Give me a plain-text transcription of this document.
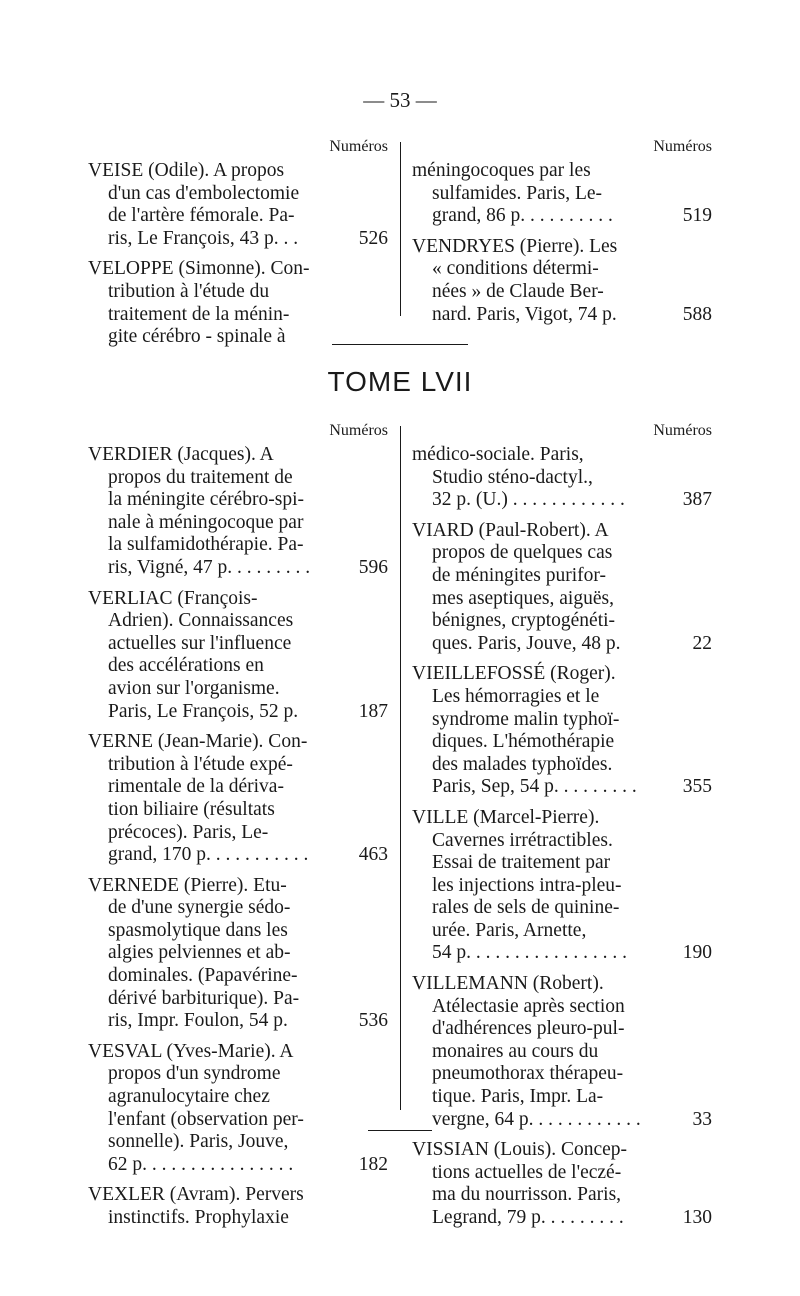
— 53 —
Numéros
VEISE (Odile). A propos
d'un cas d'embolectomie
de l'artère fémorale. Pa-
ris, Le François, 43 p. . .	526
VELOPPE (Simonne). Con-
tribution à l'étude du
traitement de la ménin-
gite cérébro - spinale à
Numéros
méningocoques par les
sulfamides. Paris, Le-
grand, 86 p. . . . . . . . . .	519
VENDRYES (Pierre). Les
« conditions détermi-
nées » de Claude Ber-
nard. Paris, Vigot, 74 p.	588
TOME LVII
Numéros
VERDIER (Jacques). A
propos du traitement de
la méningite cérébro-spi-
nale à méningocoque par
la sulfamidothérapie. Pa-
ris, Vigné, 47 p. . . . . . . . . 596
VERLIAC (François-
Adrien). Connaissances
actuelles sur l'influence
des accélérations en
avion sur l'organisme.
Paris, Le François, 52 p.	187
VERNE (Jean-Marie). Con-
tribution à l'étude expé-
rimentale de la dériva-
tion biliaire (résultats
précoces). Paris, Le-
grand, 170 p. . . . . . . . . . .	463
VERNEDE (Pierre). Etu-
de d'une synergie sédo-
spasmolytique dans les
algies pelviennes et ab-
dominales. (Papavérine-
dérivé barbiturique). Pa-
ris, Impr. Foulon, 54 p.	536
VESVAL (Yves-Marie). A
propos d'un syndrome
agranulocytaire chez
l'enfant (observation per-
sonnelle). Paris, Jouve,
62 p. . . . . . . . . . . . . . . .	182
VEXLER (Avram). Pervers
instinctifs. Prophylaxie
Numéros
médico-sociale. Paris,
Studio sténo-dactyl.,
32 p. (U.) . . . . . . . . . . . .	387
VIARD (Paul-Robert). A
propos de quelques cas
de méningites purifor-
mes aseptiques, aiguës,
bénignes, cryptogénéti-
ques. Paris, Jouve, 48 p.	22
VIEILLEFOSSÉ (Roger).
Les hémorragies et le
syndrome malin typhoï-
diques. L'hémothérapie
des malades typhoïdes.
Paris, Sep, 54 p. . . . . . . . . 355
VILLE (Marcel-Pierre).
Cavernes irrétractibles.
Essai de traitement par
les injections intra-pleu-
rales de sels de quinine-
urée. Paris, Arnette,
54 p. . . . . . . . . . . . . . . . .	190
VILLEMANN (Robert).
Atélectasie après section
d'adhérences pleuro-pul-
monaires au cours du
pneumothorax thérapeu-
tique. Paris, Impr. La-
vergne, 64 p. . . . . . . . . . . .	33
VISSIAN (Louis). Concep-
tions actuelles de l'eczé-
ma du nourrisson. Paris,
Legrand, 79 p. . . . . . . . .	130
